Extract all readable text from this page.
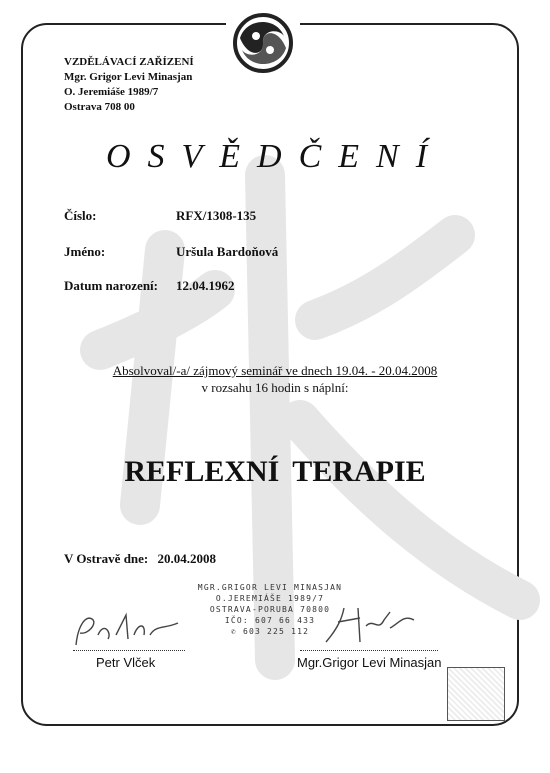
VZDĚLÁVACÍ ZAŘÍZENÍ
Mgr. Grigor Levi Minasjan
O. Jeremiáše 1989/7
Ostrava 708 00
OSVĚDČENÍ
Číslo:	RFX/1308-135
Jméno:	Uršula Bardoňová
Datum narození: 12.04.1962
Absolvoval/-a/ zájmový seminář ve dnech 19.04. - 20.04.2008
v rozsahu 16 hodin s náplní:
REFLEXNÍ TERAPIE
V Ostravě dne: 20.04.2008
MGR.GRIGOR LEVI MINASJAN
O.JEREMIÁŠE 1989/7
OSTRAVA-PORUBA 70800
IČO: 607 66 433
✆ 603 225 112
Petr Vlček	Mgr.Grigor Levi Minasjan
